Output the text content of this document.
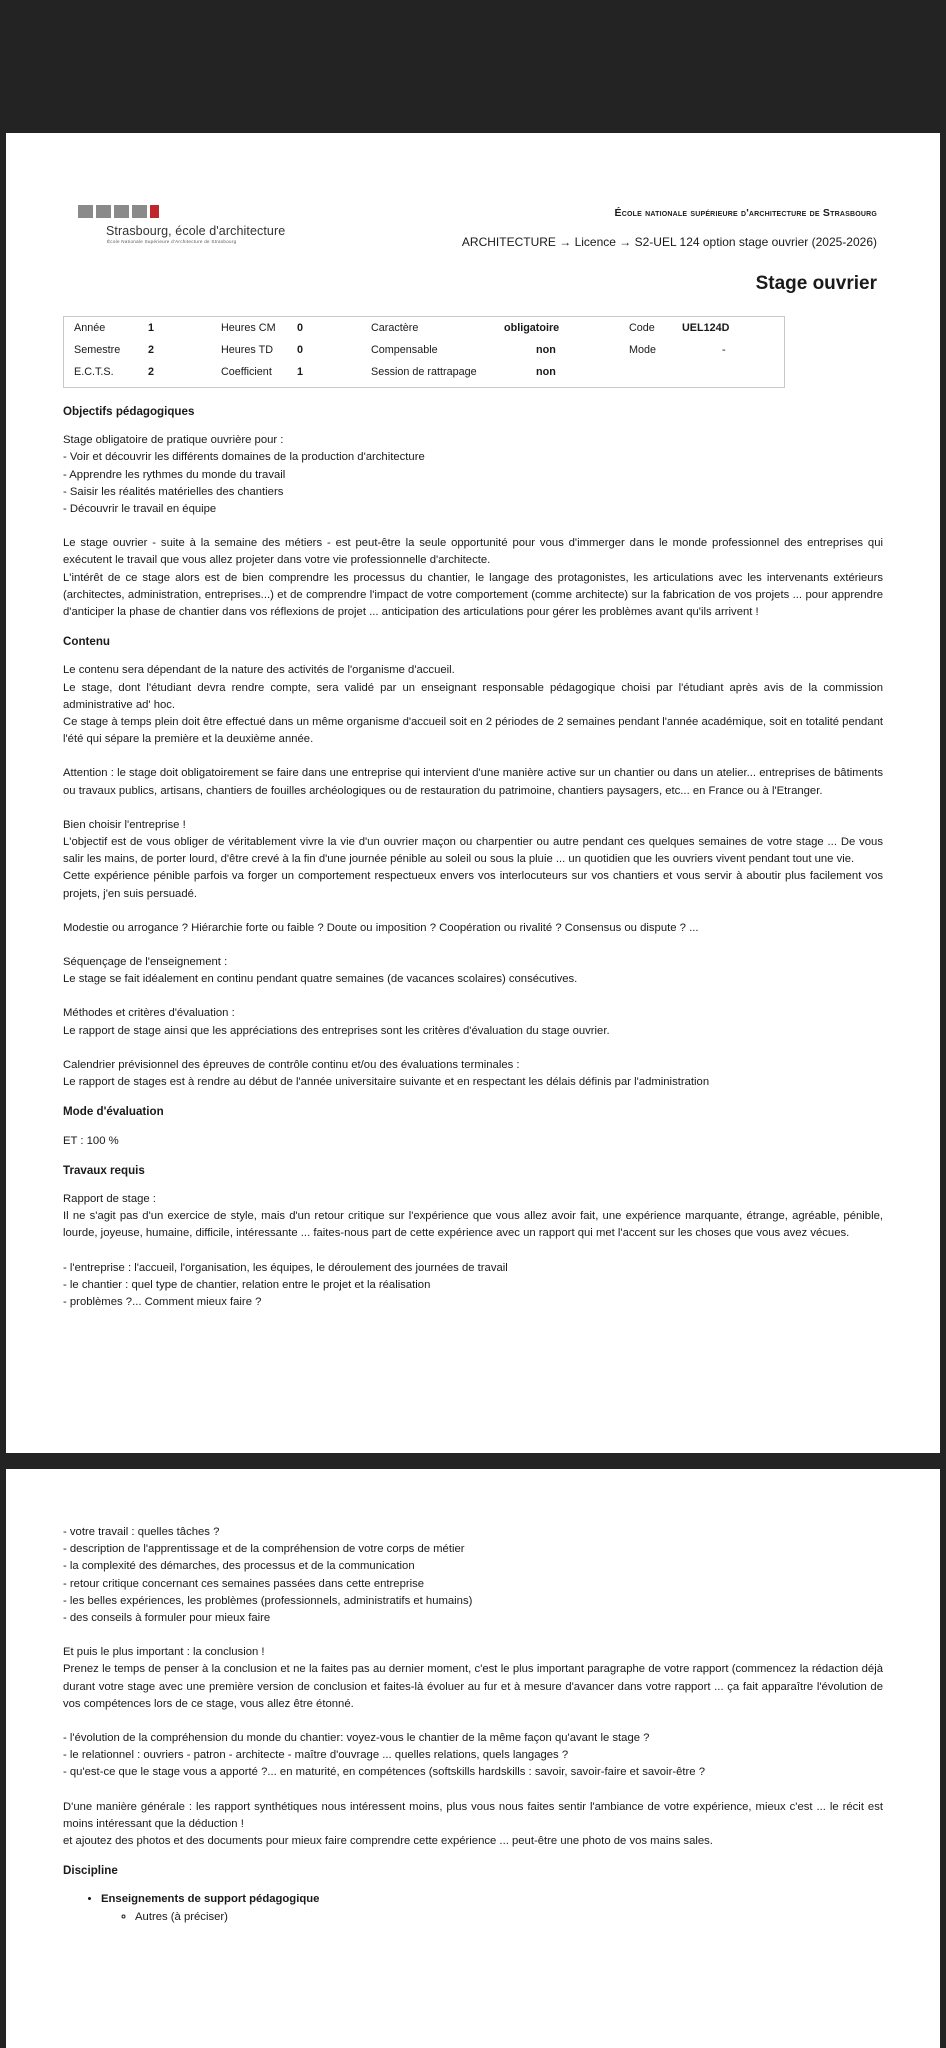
Strasbourg, école d'architecture
École Nationale Supérieure d'Architecture de Strasbourg
École nationale supérieure d'architecture de Strasbourg
ARCHITECTURE → Licence → S2-UEL 124 option stage ouvrier (2025-2026)
Stage ouvrier
Année	1	Heures CM 0	Caractère	obligatoire	Code	UEL124D
Semestre	2	Heures TD 0	Compensable	non	Mode	-
E.C.T.S.	2	Coefficient 1	Session de rattrapage	non
Objectifs pédagogiques

Stage obligatoire de pratique ouvrière pour :

- Voir et découvrir les différents domaines de la production d'architecture

- Apprendre les rythmes du monde du travail

- Saisir les réalités matérielles des chantiers

- Découvrir le travail en équipe

Le stage ouvrier - suite à la semaine des métiers - est peut-être la seule opportunité pour vous d'immerger dans le monde professionnel des entreprises qui exécutent le travail que vous allez projeter dans votre vie professionnelle d'architecte.

L'intérêt de ce stage alors est de bien comprendre les processus du chantier, le langage des protagonistes, les articulations avec les intervenants extérieurs (architectes, administration, entreprises...) et de comprendre l'impact de votre comportement (comme architecte) sur la fabrication de vos projets ... pour apprendre d'anticiper la phase de chantier dans vos réflexions de projet ... anticipation des articulations pour gérer les problèmes avant qu'ils arrivent !

Contenu

Le contenu sera dépendant de la nature des activités de l'organisme d'accueil.

Le stage, dont l'étudiant devra rendre compte, sera validé par un enseignant responsable pédagogique choisi par l'étudiant après avis de la commission administrative ad' hoc.

Ce stage à temps plein doit être effectué dans un même organisme d'accueil soit en 2 périodes de 2 semaines pendant l'année académique, soit en totalité pendant l'été qui sépare la première et la deuxième année.

Attention : le stage doit obligatoirement se faire dans une entreprise qui intervient d'une manière active sur un chantier ou dans un atelier... entreprises de bâtiments ou travaux publics, artisans, chantiers de fouilles archéologiques ou de restauration du patrimoine, chantiers paysagers, etc... en France ou à l'Etranger.

Bien choisir l'entreprise !

L'objectif est de vous obliger de véritablement vivre la vie d'un ouvrier maçon ou charpentier ou autre pendant ces quelques semaines de votre stage ... De vous salir les mains, de porter lourd, d'être crevé à la fin d'une journée pénible au soleil ou sous la pluie ... un quotidien que les ouvriers vivent pendant tout une vie.

Cette expérience pénible parfois va forger un comportement respectueux envers vos interlocuteurs sur vos chantiers et vous servir à aboutir plus facilement vos projets, j'en suis persuadé.

Modestie ou arrogance ? Hiérarchie forte ou faible ? Doute ou imposition ? Coopération ou rivalité ? Consensus ou dispute ? ...

Séquençage de l'enseignement :

Le stage se fait idéalement en continu pendant quatre semaines (de vacances scolaires) consécutives.

Méthodes et critères d'évaluation :

Le rapport de stage ainsi que les appréciations des entreprises sont les critères d'évaluation du stage ouvrier.

Calendrier prévisionnel des épreuves de contrôle continu et/ou des évaluations terminales :

Le rapport de stages est à rendre au début de l'année universitaire suivante et en respectant les délais définis par l'administration

Mode d'évaluation

ET : 100 %

Travaux requis

Rapport de stage :

Il ne s'agit pas d'un exercice de style, mais d'un retour critique sur l'expérience que vous allez avoir fait, une expérience marquante, étrange, agréable, pénible, lourde, joyeuse, humaine, difficile, intéressante ... faites-nous part de cette expérience avec un rapport qui met l'accent sur les choses que vous avez vécues.

- l'entreprise : l'accueil, l'organisation, les équipes, le déroulement des journées de travail

- le chantier : quel type de chantier, relation entre le projet et la réalisation

- problèmes ?... Comment mieux faire ?

- votre travail : quelles tâches ?

- description de l'apprentissage et de la compréhension de votre corps de métier

- la complexité des démarches, des processus et de la communication

- retour critique concernant ces semaines passées dans cette entreprise

- les belles expériences, les problèmes (professionnels, administratifs et humains)

- des conseils à formuler pour mieux faire

Et puis le plus important : la conclusion !

Prenez le temps de penser à la conclusion et ne la faites pas au dernier moment, c'est le plus important paragraphe de votre rapport (commencez la rédaction déjà durant votre stage avec une première version de conclusion et faites-là évoluer au fur et à mesure d'avancer dans votre rapport ... ça fait apparaître l'évolution de vos compétences lors de ce stage, vous allez être étonné.

- l'évolution de la compréhension du monde du chantier: voyez-vous le chantier de la même façon qu'avant le stage ?

- le relationnel : ouvriers - patron - architecte - maître d'ouvrage ... quelles relations, quels langages ?

- qu'est-ce que le stage vous a apporté ?... en maturité, en compétences (softskills hardskills : savoir, savoir-faire et savoir-être ?

D'une manière générale : les rapport synthétiques nous intéressent moins, plus vous nous faites sentir l'ambiance de votre expérience, mieux c'est ... le récit est moins intéressant que la déduction !

et ajoutez des photos et des documents pour mieux faire comprendre cette expérience ... peut-être une photo de vos mains sales.

Discipline
• Enseignements de support pédagogique
◦ Autres (à préciser)
